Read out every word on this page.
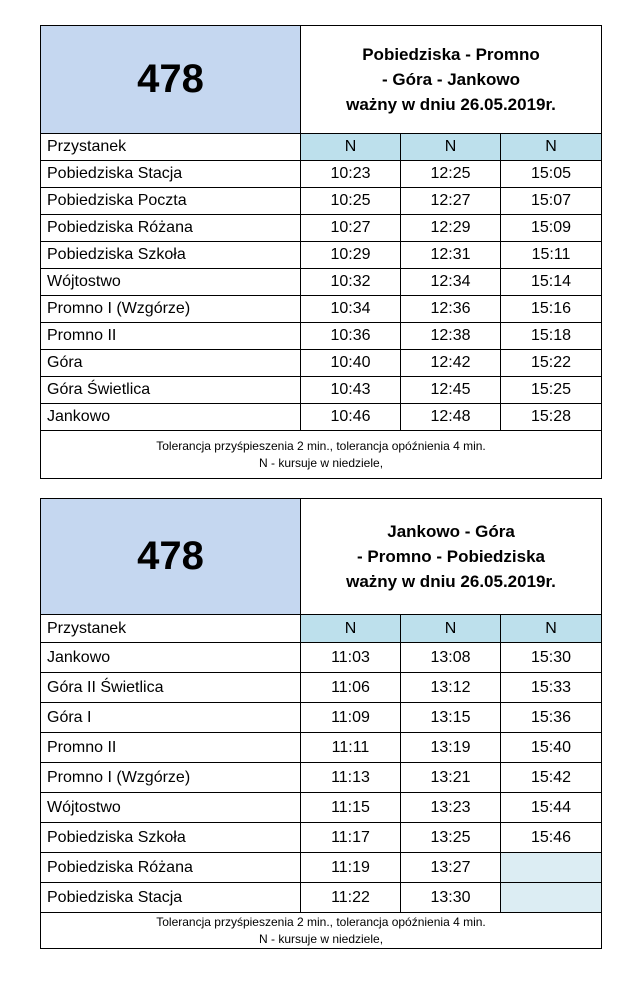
478	Pobiedziska - Promno
- Góra - Jankowo
ważny w dniu 26.05.2019r.		

Przystanek	N	N	N
Pobiedziska Stacja	10:23	12:25	15:05
Pobiedziska Poczta	10:25	12:27	15:07
Pobiedziska Różana	10:27	12:29	15:09
Pobiedziska Szkoła	10:29	12:31	15:11
Wójtostwo	10:32	12:34	15:14
Promno I (Wzgórze)	10:34	12:36	15:16
Promno II	10:36	12:38	15:18
Góra	10:40	12:42	15:22
Góra Świetlica	10:43	12:45	15:25
Jankowo	10:46	12:48	15:28

Tolerancja przyśpieszenia 2 min., tolerancja opóźnienia 4 min.
N - kursuje w niedziele,			
478	Jankowo - Góra
- Promno - Pobiedziska
ważny w dniu 26.05.2019r.		

Przystanek	N	N	N
Jankowo	11:03	13:08	15:30
Góra II Świetlica	11:06	13:12	15:33
Góra I	11:09	13:15	15:36
Promno II	11:11	13:19	15:40
Promno I (Wzgórze)	11:13	13:21	15:42
Wójtostwo	11:15	13:23	15:44
Pobiedziska Szkoła	11:17	13:25	15:46
Pobiedziska Różana	11:19	13:27	
Pobiedziska Stacja	11:22	13:30	

Tolerancja przyśpieszenia 2 min., tolerancja opóźnienia 4 min.
N - kursuje w niedziele,			
